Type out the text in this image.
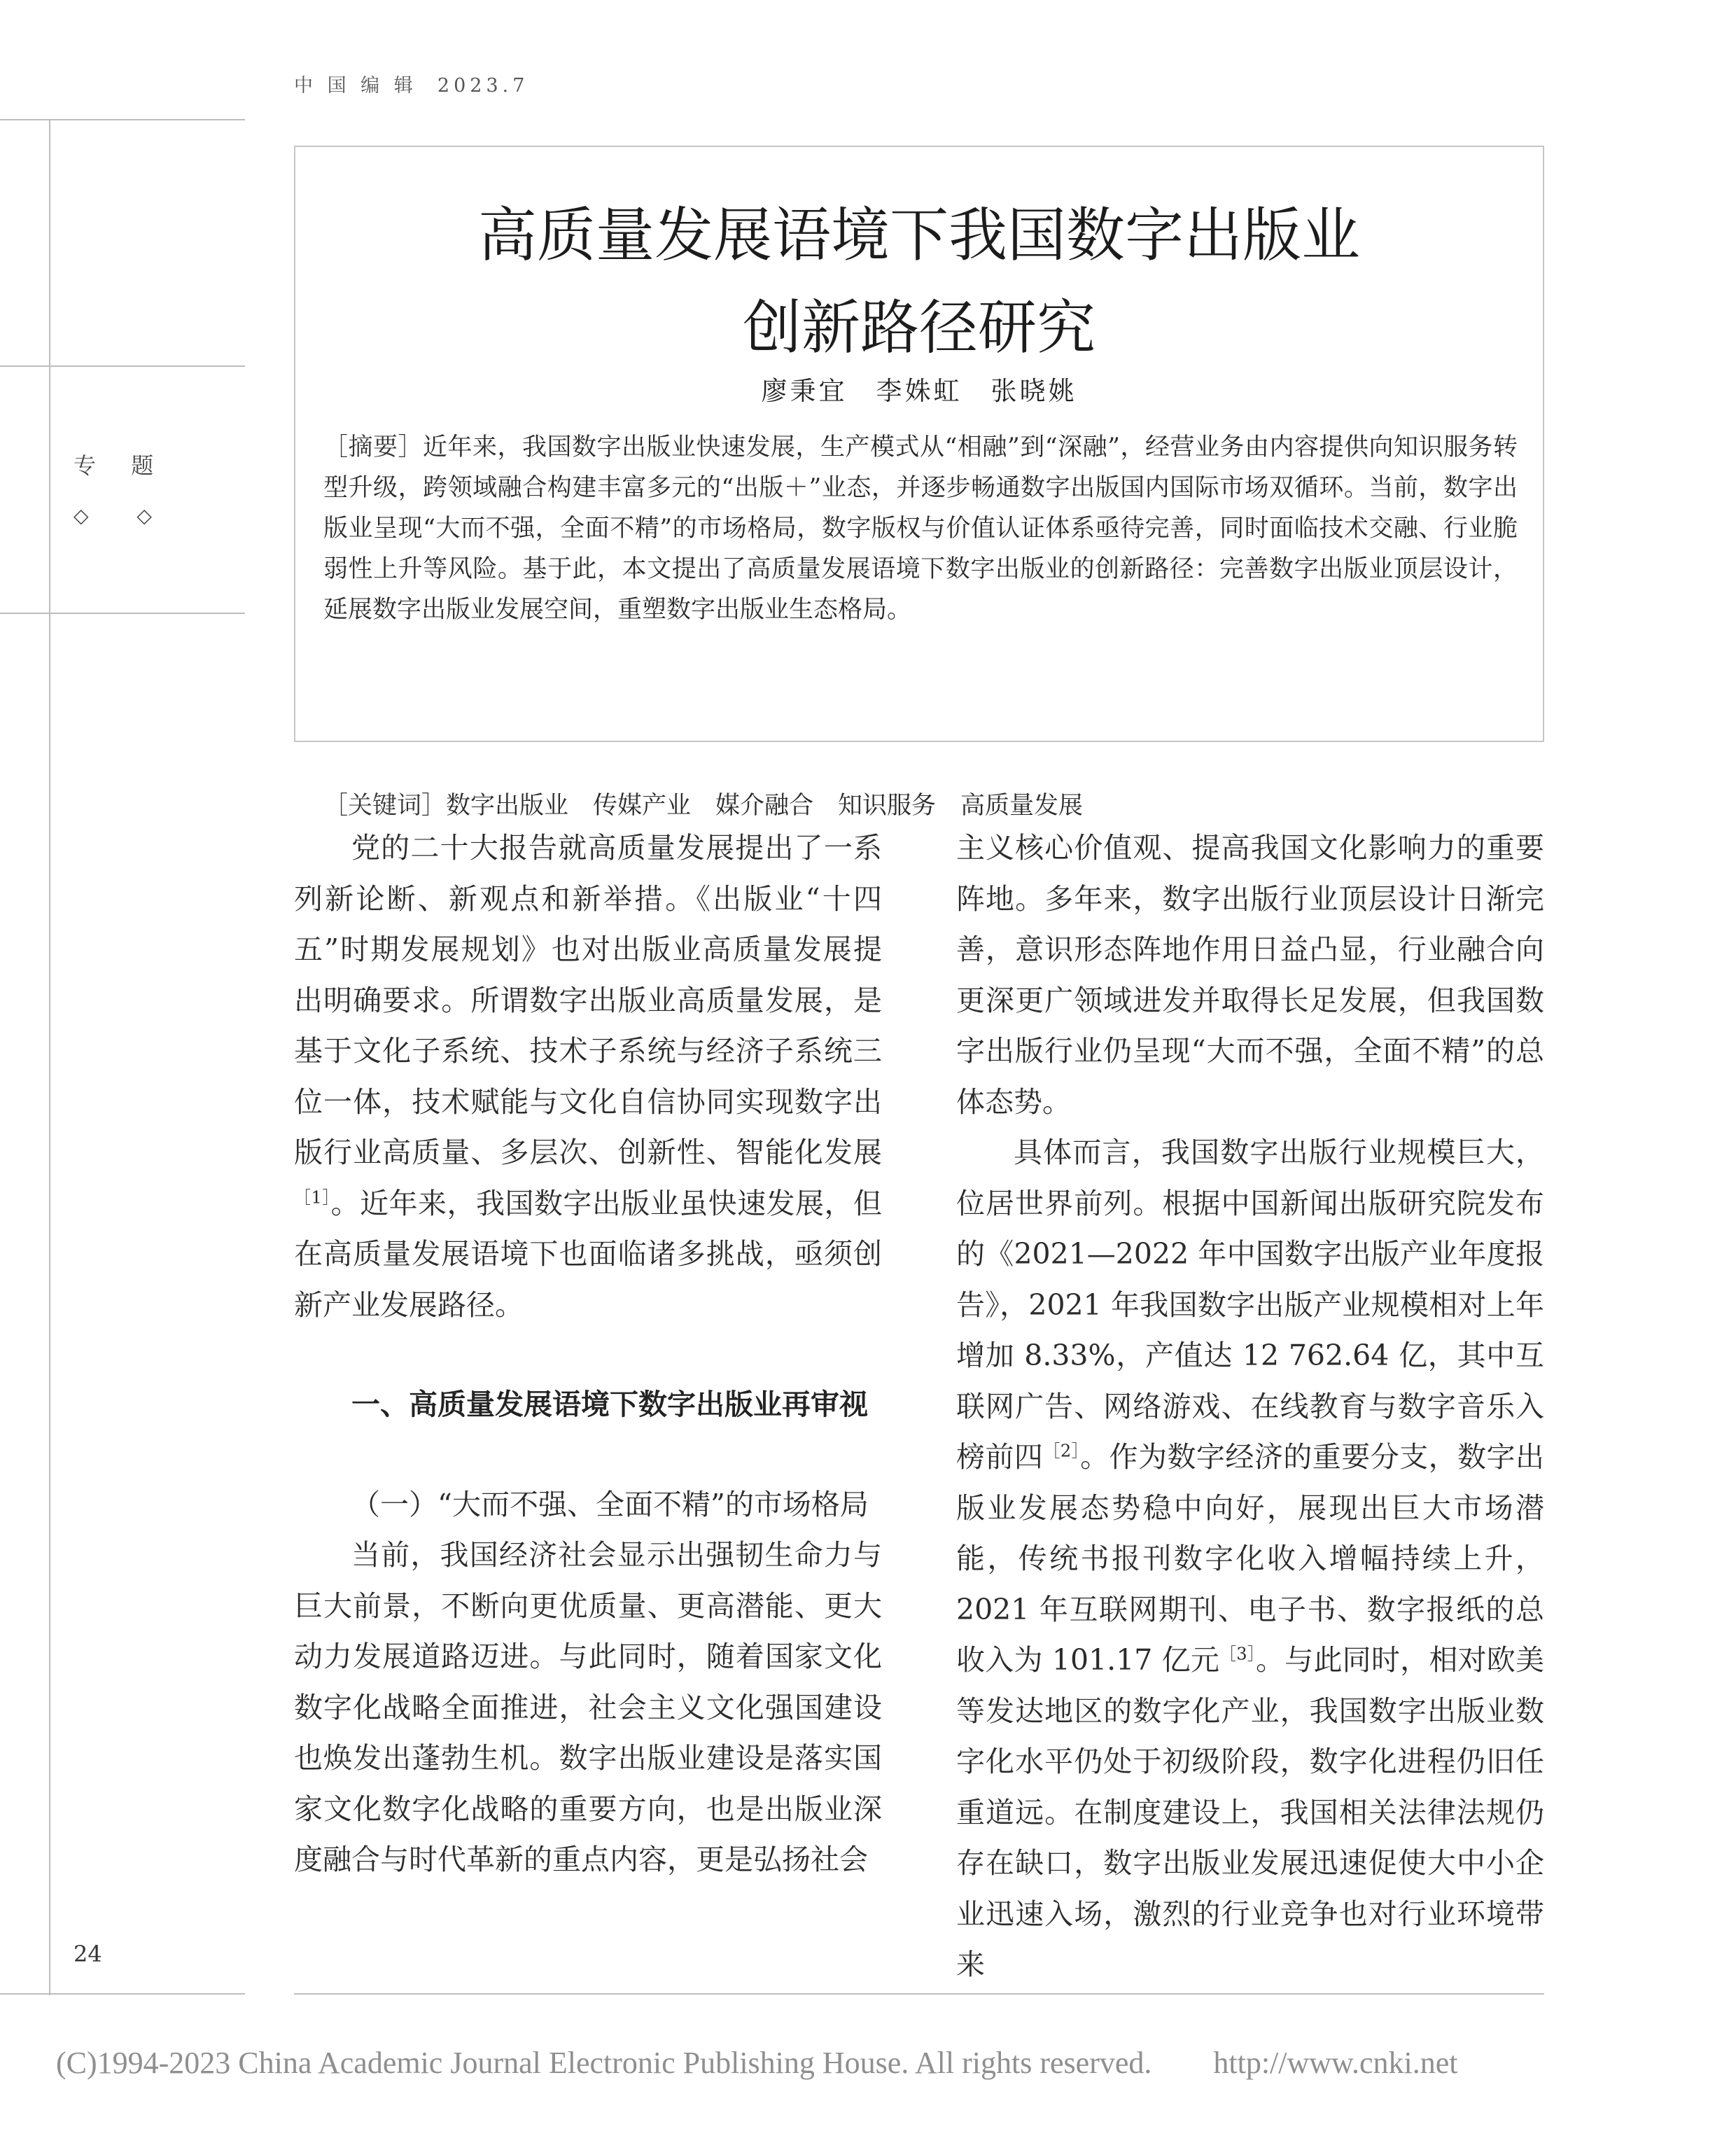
中 国 编 辑 2023.7
专 题
◇ ◇
24
高质量发展语境下我国数字出版业
创新路径研究
廖秉宜　李姝虹　张晓姚
［摘要］近年来，我国数字出版业快速发展，生产模式从“相融”到“深融”，经营业务由内容提供向知识服务转型升级，跨领域融合构建丰富多元的“出版＋”业态，并逐步畅通数字出版国内国际市场双循环。当前，数字出版业呈现“大而不强，全面不精”的市场格局，数字版权与价值认证体系亟待完善，同时面临技术交融、行业脆弱性上升等风险。基于此，本文提出了高质量发展语境下数字出版业的创新路径：完善数字出版业顶层设计，延展数字出版业发展空间，重塑数字出版业生态格局。
［关键词］数字出版业　传媒产业　媒介融合　知识服务　高质量发展

党的二十大报告就高质量发展提出了一系列新论断、新观点和新举措。《出版业“十四五”时期发展规划》也对出版业高质量发展提出明确要求。所谓数字出版业高质量发展，是基于文化子系统、技术子系统与经济子系统三位一体，技术赋能与文化自信协同实现数字出版行业高质量、多层次、创新性、智能化发展$^{[1]}$。近年来，我国数字出版业虽快速发展，但在高质量发展语境下也面临诸多挑战，亟须创新产业发展路径。

一、高质量发展语境下数字出版业再审视

（一）“大而不强、全面不精”的市场格局

当前，我国经济社会显示出强韧生命力与巨大前景，不断向更优质量、更高潜能、更大动力发展道路迈进。与此同时，随着国家文化数字化战略全面推进，社会主义文化强国建设也焕发出蓬勃生机。数字出版业建设是落实国家文化数字化战略的重要方向，也是出版业深度融合与时代革新的重点内容，更是弘扬社会

主义核心价值观、提高我国文化影响力的重要阵地。多年来，数字出版行业顶层设计日渐完善，意识形态阵地作用日益凸显，行业融合向更深更广领域进发并取得长足发展，但我国数字出版行业仍呈现“大而不强，全面不精”的总体态势。

具体而言，我国数字出版行业规模巨大，位居世界前列。根据中国新闻出版研究院发布的《2021—2022 年中国数字出版产业年度报告》，2021 年我国数字出版产业规模相对上年增加 8.33%，产值达 12 762.64 亿，其中互联网广告、网络游戏、在线教育与数字音乐入榜前四$^{[2]}$。作为数字经济的重要分支，数字出版业发展态势稳中向好，展现出巨大市场潜能，传统书报刊数字化收入增幅持续上升，2021 年互联网期刊、电子书、数字报纸的总收入为 101.17 亿元$^{[3]}$。与此同时，相对欧美等发达地区的数字化产业，我国数字出版业数字化水平仍处于初级阶段，数字化进程仍旧任重道远。在制度建设上，我国相关法律法规仍存在缺口，数字出版业发展迅速促使大中小企业迅速入场，激烈的行业竞争也对行业环境带来

(C)1994-2023 China Academic Journal Electronic Publishing House. All rights reserved.　　http://www.cnki.net
